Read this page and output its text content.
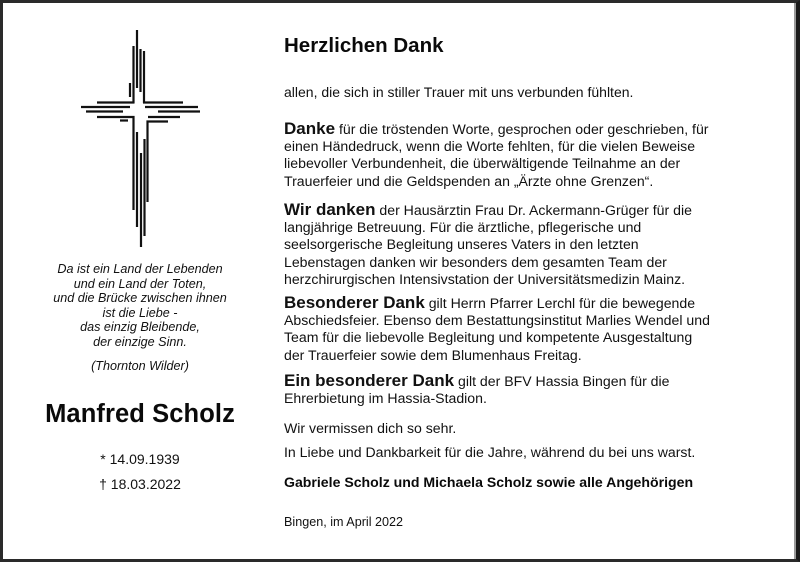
Da ist ein Land der Lebenden
und ein Land der Toten,
und die Brücke zwischen ihnen
ist die Liebe -
das einzig Bleibende,
der einzige Sinn.
(Thornton Wilder)
Manfred Scholz
* 14.09.1939
† 18.03.2022
Herzlichen Dank
allen, die sich in stiller Trauer mit uns verbunden fühlten.
Danke für die tröstenden Worte, gesprochen oder geschrieben, für
einen Händedruck, wenn die Worte fehlten, für die vielen Beweise
liebevoller Verbundenheit, die überwältigende Teilnahme an der
Trauerfeier und die Geldspenden an „Ärzte ohne Grenzen“.
Wir danken der Hausärztin Frau Dr. Ackermann-Grüger für die
langjährige Betreuung. Für die ärztliche, pflegerische und
seelsorgerische Begleitung unseres Vaters in den letzten
Lebenstagen danken wir besonders dem gesamten Team der
herzchirurgischen Intensivstation der Universitätsmedizin Mainz.
Besonderer Dank gilt Herrn Pfarrer Lerchl für die bewegende
Abschiedsfeier. Ebenso dem Bestattungsinstitut Marlies Wendel und
Team für die liebevolle Begleitung und kompetente Ausgestaltung
der Trauerfeier sowie dem Blumenhaus Freitag.
Ein besonderer Dank gilt der BFV Hassia Bingen für die
Ehrerbietung im Hassia-Stadion.
Wir vermissen dich so sehr.
In Liebe und Dankbarkeit für die Jahre, während du bei uns warst.
Gabriele Scholz und Michaela Scholz sowie alle Angehörigen
Bingen, im April 2022
